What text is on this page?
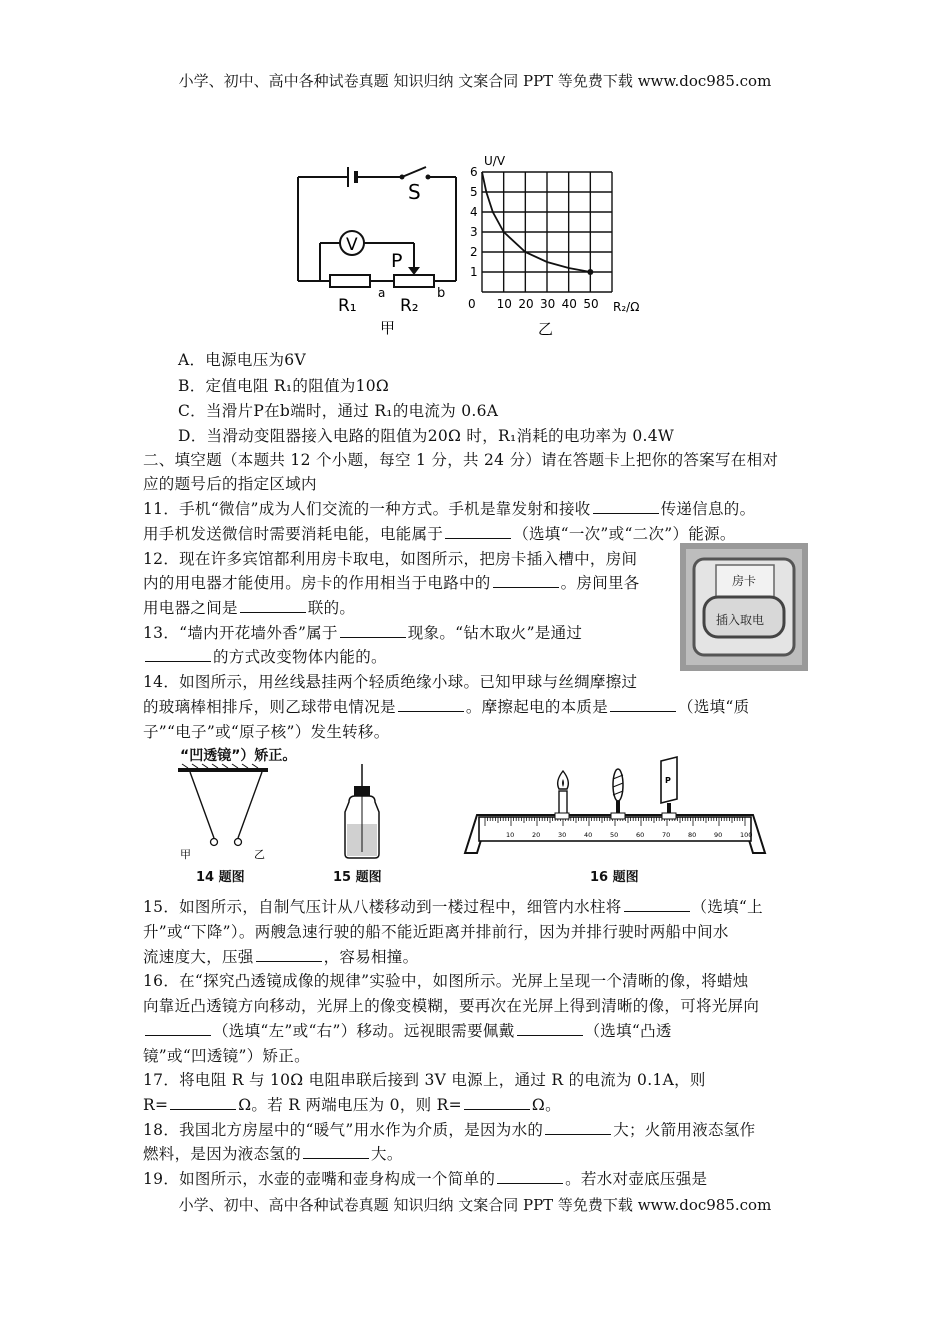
小学、初中、高中各种试卷真题 知识归纳 文案合同 PPT 等免费下载 www.doc985.com
S
V
P
R₁	R₂
a	b
甲
1
2
3
4
5
6
0 10 20 30 40 50
U/V
R₂/Ω
乙
A．电源电压为6V
B．定值电阻 R₁的阻值为10Ω
C．当滑片P在b端时，通过 R₁的电流为 0.6A
D．当滑动变阻器接入电路的阻值为20Ω 时，R₁消耗的电功率为 0.4W
二、填空题（本题共 12 个小题，每空 1 分，共 24 分）请在答题卡上把你的答案写在相对
应的题号后的指定区域内
11．手机“微信”成为人们交流的一种方式。手机是靠发射和接收	传递信息的。
用手机发送微信时需要消耗电能，电能属于	（选填“一次”或“二次”）能源。
12．现在许多宾馆都利用房卡取电，如图所示，把房卡插入槽中，房间
内的用电器才能使用。房卡的作用相当于电路中的	。房间里各
用电器之间是	联的。
13．“墙内开花墙外香”属于	现象。“钻木取火”是通过
的方式改变物体内能的。
14．如图所示，用丝线悬挂两个轻质绝缘小球。已知甲球与丝绸摩擦过
的玻璃棒相排斥，则乙球带电情况是	。摩擦起电的本质是	（选填“质
子”“电子”或“原子核”）发生转移。
房卡
插入取电
“凹透镜”）矫正。
甲	乙
10	20	30	40	50	60	70	80	90	100
P
14 题图	15 题图	16 题图
15．如图所示，自制气压计从八楼移动到一楼过程中，细管内水柱将	（选填“上
升”或“下降”）。两艘急速行驶的船不能近距离并排前行，因为并排行驶时两船中间水
流速度大，压强	，容易相撞。
16．在“探究凸透镜成像的规律”实验中，如图所示。光屏上呈现一个清晰的像，将蜡烛
向靠近凸透镜方向移动，光屏上的像变模糊，要再次在光屏上得到清晰的像，可将光屏向
（选填“左”或“右”）移动。远视眼需要佩戴	（选填“凸透
镜”或“凹透镜”）矫正。
17．将电阻 R 与 10Ω 电阻串联后接到 3V 电源上，通过 R 的电流为 0.1A，则
R=	Ω。若 R 两端电压为 0，则 R=	Ω。
18．我国北方房屋中的“暖气”用水作为介质，是因为水的	大；火箭用液态氢作
燃料，是因为液态氢的	大。
19．如图所示，水壶的壶嘴和壶身构成一个简单的	。若水对壶底压强是
小学、初中、高中各种试卷真题 知识归纳 文案合同 PPT 等免费下载 www.doc985.com
